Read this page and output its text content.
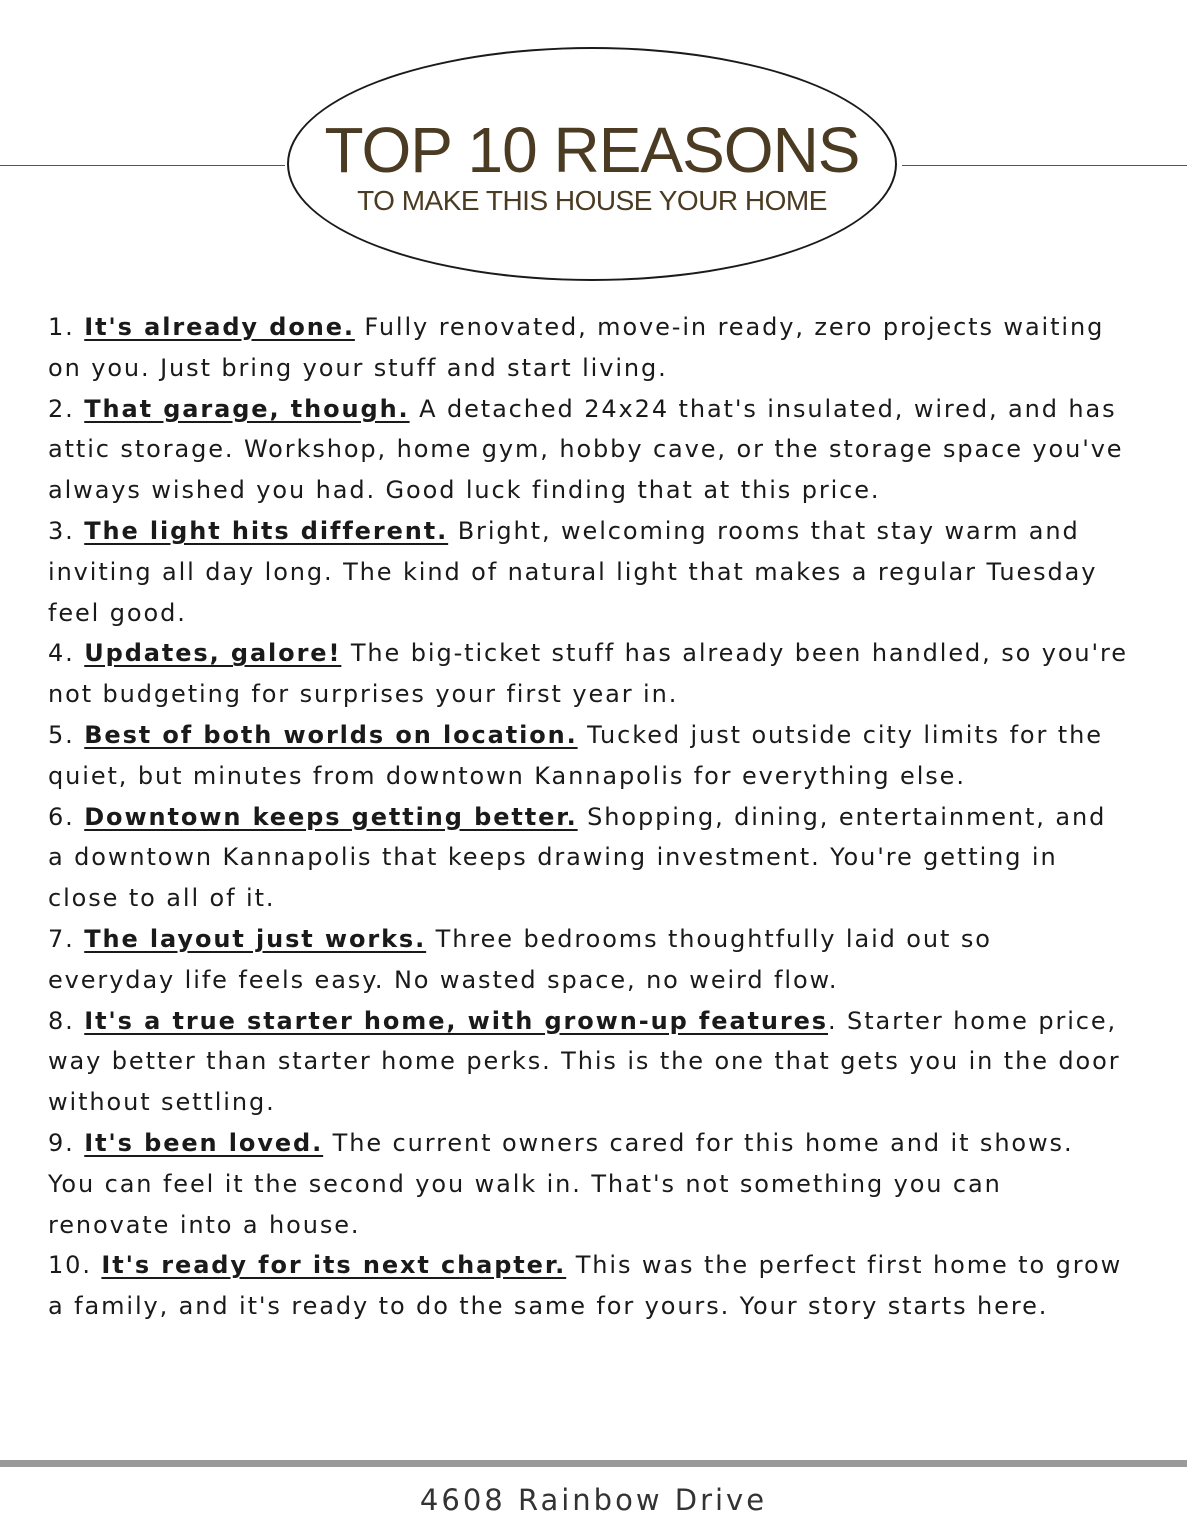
TOP 10 REASONS
TO MAKE THIS HOUSE YOUR HOME
1. It's already done. Fully renovated, move-in ready, zero projects waiting on you. Just bring your stuff and start living.
2. That garage, though. A detached 24x24 that's insulated, wired, and has attic storage. Workshop, home gym, hobby cave, or the storage space you've always wished you had. Good luck finding that at this price.
3. The light hits different. Bright, welcoming rooms that stay warm and inviting all day long. The kind of natural light that makes a regular Tuesday feel good.
4. Updates, galore! The big-ticket stuff has already been handled, so you're not budgeting for surprises your first year in.
5. Best of both worlds on location. Tucked just outside city limits for the quiet, but minutes from downtown Kannapolis for everything else.
6. Downtown keeps getting better. Shopping, dining, entertainment, and a downtown Kannapolis that keeps drawing investment. You're getting in close to all of it.
7. The layout just works. Three bedrooms thoughtfully laid out so everyday life feels easy. No wasted space, no weird flow.
8. It's a true starter home, with grown-up features. Starter home price, way better than starter home perks. This is the one that gets you in the door without settling.
9. It's been loved. The current owners cared for this home and it shows. You can feel it the second you walk in. That's not something you can renovate into a house.
10. It's ready for its next chapter. This was the perfect first home to grow a family, and it's ready to do the same for yours. Your story starts here.
4608 Rainbow Drive
